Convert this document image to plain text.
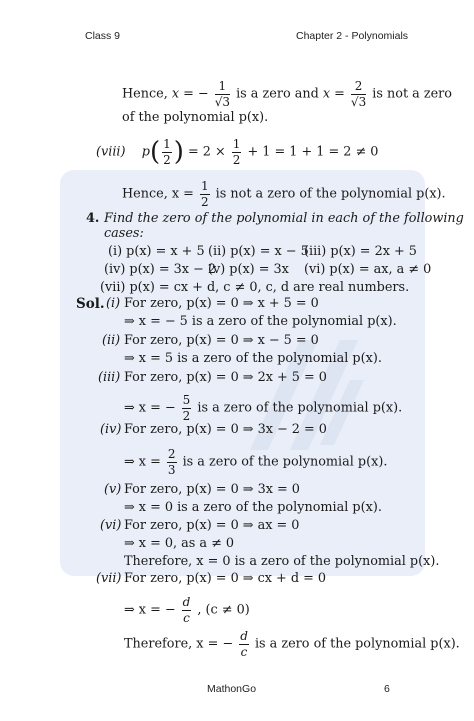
Class 9	Chapter 2 - Polynomials
Hence, x = − $\frac{1}{√3}$ is a zero and $x = \frac{2}{√3}$ is not a zero
of the polynomial p(x).
(viii) $p( \frac{1}{2}$ ) = $2 \times \frac{1}{2} + 1 = 1 + 1 = 2 \ne 0$
Hence, $x = \frac{1}{2}$ is not a zero of the polynomial p(x).
4. Find the zero of the polynomial in each of the following
cases:
(i) p(x) = x + 5 (ii) p(x) = x − 5
(iii) p(x) = 2x + 5
(iv) p(x) = 3x − 2
(v) p(x) = 3x (vi) p(x) = ax, a ≠ 0
(vii) p(x) = cx + d, c ≠ 0, c, d are real numbers.
Sol. (i) For zero, p(x) = 0 ⇒ x + 5 = 0
⇒ x = − 5 is a zero of the polynomial p(x).
(ii) For zero, p(x) = 0 ⇒ x − 5 = 0
⇒ x = 5 is a zero of the polynomial p(x).
(iii) For zero, p(x) = 0 ⇒ 2x + 5 = 0
⇒ x = − $\frac{5}{2}$ is a zero of the polynomial p(x).
(iv) For zero, p(x) = 0 ⇒ 3x − 2 = 0
⇒ $x = \frac{2}{3}$ is a zero of the polynomial p(x).
(v) For zero, p(x) = 0 ⇒ 3x = 0
⇒ x = 0 is a zero of the polynomial p(x).
(vi) For zero, p(x) = 0 ⇒ ax = 0
⇒ x = 0, as a ≠ 0
Therefore, x = 0 is a zero of the polynomial p(x).
(vii) For zero, p(x) = 0 ⇒ cx + d = 0
⇒ x = − $\frac{d}{c}$ , (c ≠ 0)
Therefore, x = − $\frac{d}{c}$ is a zero of the polynomial p(x).
MathonGo	6
